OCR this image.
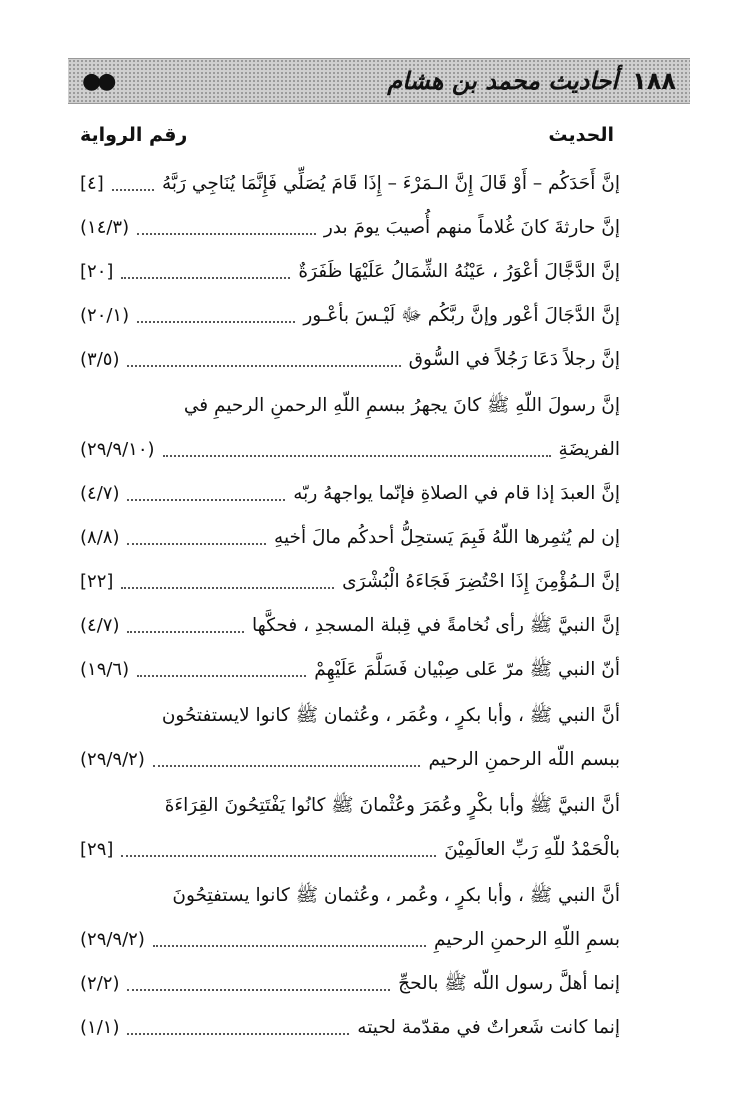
١٨٨
أحاديث محمد بن هشام
●●
الحديث
رقم الرواية
إنَّ أَحَدَكُم – أَوْ قَالَ إِنَّ الـمَرْءَ – إِذَا قَامَ يُصَلِّي فَإِنَّمَا يُنَاجِي رَبَّهُ
[٤]
إنَّ حارثةَ كانَ غُلاماً منهم أُصيبَ يومَ بدر
(١٤/٣)
إنَّ الدَّجَّالَ أعْوَرُ ، عَيْنُهُ الشِّمَالُ عَلَيْهَا ظَفَرَةٌ
[٢٠]
إنَّ الدَّجَالَ أعْور وإنَّ ربَّكُم ﷻ لَيْـسَ بأعْـور
(٢٠/١)
إنَّ رجلاً دَعَا رَجُلاً في السُّوق
(٣/٥)
إنَّ رسولَ اللّهِ ﷺ كانَ يجهرُ ببسمِ اللّهِ الرحمنِ الرحيمِ في
الفريضَةِ
(٢٩/٩/١٠)
إنَّ العبدَ إذا قام في الصلاةِ فإنّما يواجههُ ربّه
(٤/٧)
إن لم يُثمِرها اللّهُ فَبِمَ يَستحِلُّ أحدكُم مالَ أخيهِ
(٨/٨)
إنَّ الـمُؤْمِنَ إِذَا احْتُضِرَ فَجَاءَهُ الْبُشْرَى
[٢٢]
إنَّ النبيَّ ﷺ رأى نُخامةً في قِبلة المسجدِ ، فحكَّها
(٤/٧)
أنّ النبي ﷺ مرّ عَلى صِبْيان فَسَلَّمَ عَلَيْهِمْ
(١٩/٦)
أنَّ النبي ﷺ ، وأبا بكرٍ ، وعُمَر ، وعُثمان ﷺ كانوا لايستفتحُون
ببسم اللّه الرحمنِ الرحيم
(٢٩/٩/٢)
أنَّ النبيَّ ﷺ وأبا بكْرٍ وعُمَرَ وعُثْمانَ ﷺ كانُوا يَفْتَتِحُونَ القِرَاءَةَ
بالْحَمْدُ للّهِ رَبِّ العالَمِيْنَ
[٢٩]
أنَّ النبي ﷺ ، وأبا بكرٍ ، وعُمر ، وعُثمان ﷺ كانوا يستفتِحُونَ
بسمِ اللّهِ الرحمنِ الرحيمِ
(٢٩/٩/٢)
إنما أهلَّ رسول اللّه ﷺ بالحجِّ
(٢/٢)
إنما كانت شَعراتٌ في مقدّمة لحيته
(١/١)
